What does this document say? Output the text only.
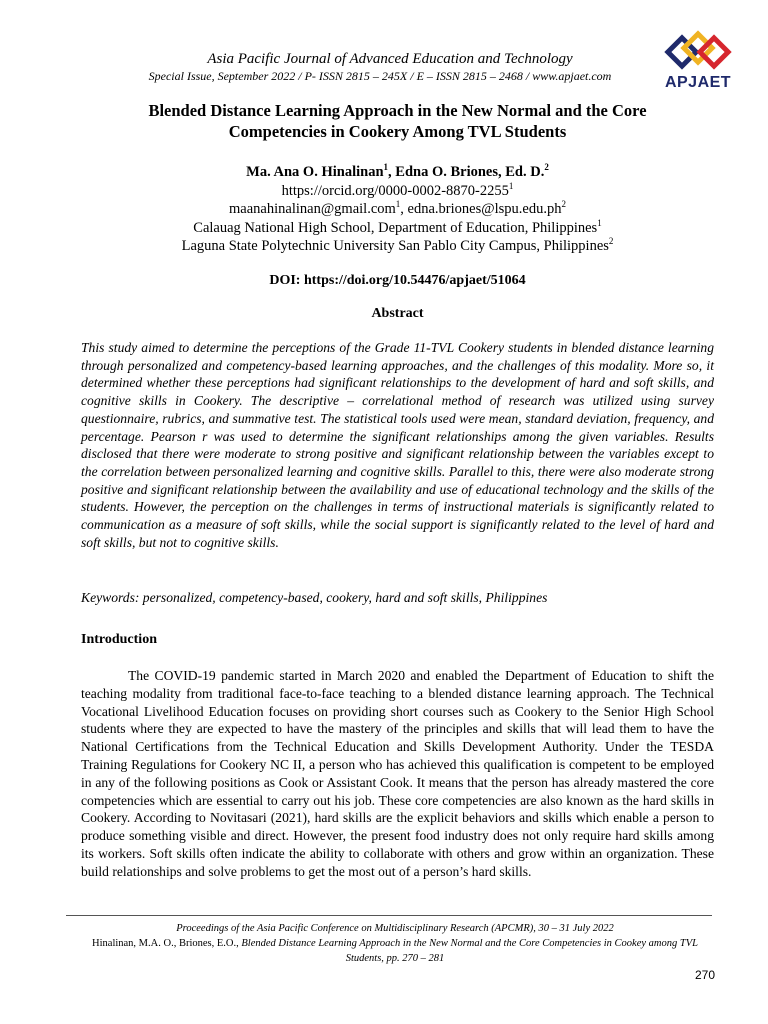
Asia Pacific Journal of Advanced Education and Technology
Special Issue, September 2022 / P- ISSN 2815 – 245X / E – ISSN 2815 – 2468 / www.apjaet.com	APJAET
Blended Distance Learning Approach in the New Normal and the Core Competencies in Cookery Among TVL Students
Ma. Ana O. Hinalinan$^1$, Edna O. Briones, Ed. D.$^2$
https://orcid.org/0000-0002-8870-2255$^1$
maanahinalinan@gmail.com$^1$, $edna.briones@lspu.edu.ph^2$
Calauag National High School, Department of Education, Philippines$^1$
Laguna State Polytechnic University San Pablo City Campus, Philippines$^2$
DOI: https://doi.org/10.54476/apjaet/51064
Abstract

This study aimed to determine the perceptions of the Grade 11-TVL Cookery students in blended distance learning through personalized and competency-based learning approaches, and the challenges of this modality. More so, it determined whether these perceptions had significant relationships to the development of hard and soft skills, and cognitive skills in Cookery. The descriptive – correlational method of research was utilized using survey questionnaire, rubrics, and summative test. The statistical tools used were mean, standard deviation, frequency, and percentage. Pearson r was used to determine the significant relationships among the given variables. Results disclosed that there were moderate to strong positive and significant relationship between the variables except to the correlation between personalized learning and cognitive skills. Parallel to this, there were also moderate strong positive and significant relationship between the availability and use of educational technology and the skills of the students. However, the perception on the challenges in terms of instructional materials is significantly related to communication as a measure of soft skills, while the social support is significantly related to the level of hard and soft skills, but not to cognitive skills.

Keywords: personalized, competency-based, cookery, hard and soft skills, Philippines
Introduction

The COVID-19 pandemic started in March 2020 and enabled the Department of Education to shift the teaching modality from traditional face-to-face teaching to a blended distance learning approach. The Technical Vocational Livelihood Education focuses on providing short courses such as Cookery to the Senior High School students where they are expected to have the mastery of the principles and skills that will lead them to have the National Certifications from the Technical Education and Skills Development Authority. Under the TESDA Training Regulations for Cookery NC II, a person who has achieved this qualification is competent to be employed in any of the following positions as Cook or Assistant Cook. It means that the person has already mastered the core competencies which are essential to carry out his job. These core competencies are also known as the hard skills in Cookery. According to Novitasari (2021), hard skills are the explicit behaviors and skills which enable a person to produce something visible and direct. However, the present food industry does not only require hard skills among its workers. Soft skills often indicate the ability to collaborate with others and grow within an organization. These build relationships and solve problems to get the most out of a person’s hard skills.

Proceedings of the Asia Pacific Conference on Multidisciplinary Research (APCMR), 30 – 31 July 2022
Hinalinan, M.A. O., Briones, E.O., Blended Distance Learning Approach in the New Normal and the Core Competencies in Cookey among TVL Students, pp. 270 – 281
270
